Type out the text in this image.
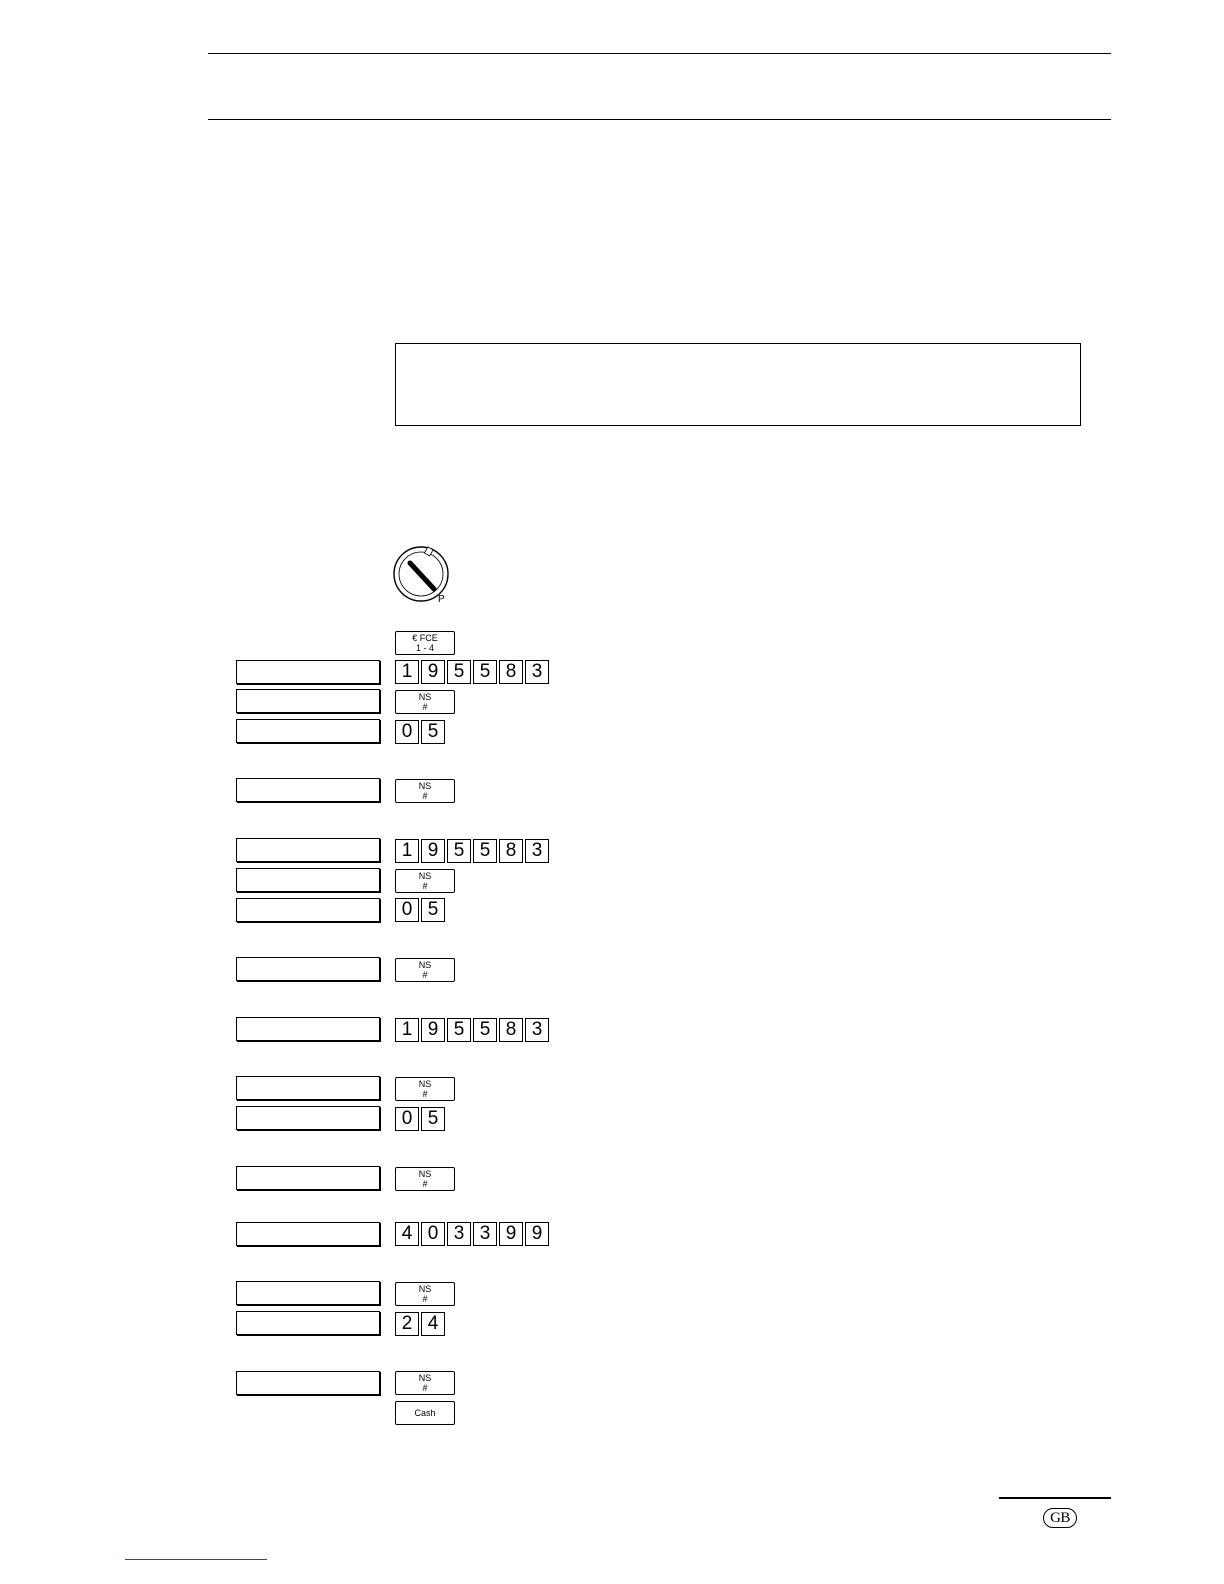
P
€ FCE
1 - 4
1 9 5 5 8 3
0 5
1 9 5 5 8 3
0 5
1 9 5 5 8 3
0 5
4 0 3 3 9 9
2 4
NS
#
NS
#
NS
#
NS
#
NS
#
NS
#
NS
#
NS
#
Cash
GB
